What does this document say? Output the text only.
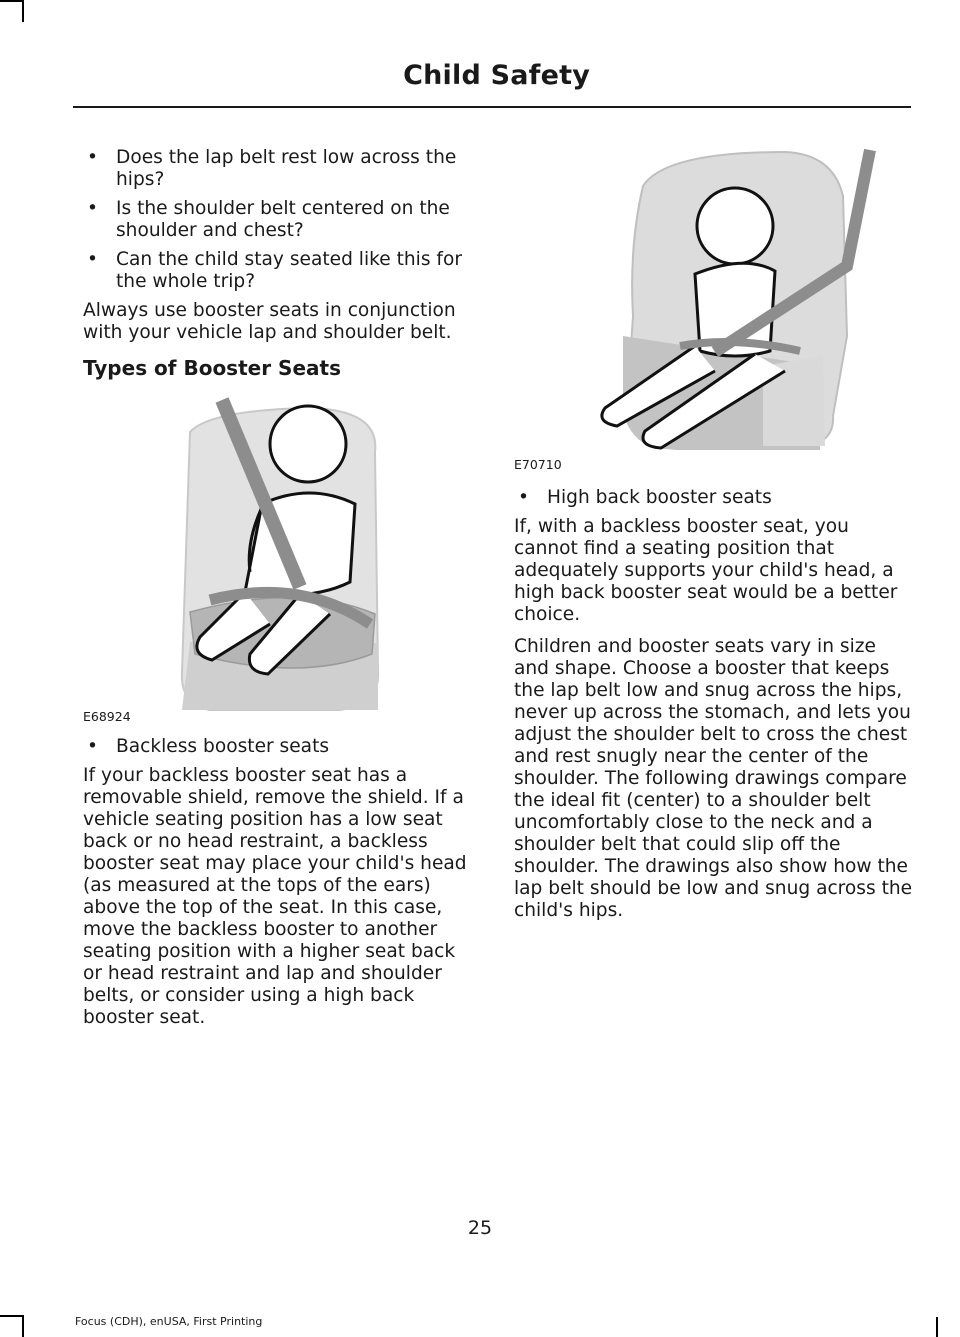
Child Safety
• Does the lap belt rest low across the hips?
• Is the shoulder belt centered on the shoulder and chest?
• Can the child stay seated like this for the whole trip?

Always use booster seats in conjunction with your vehicle lap and shoulder belt.

Types of Booster Seats
E68924
• Backless booster seats

If your backless booster seat has a removable shield, remove the shield. If a vehicle seating position has a low seat back or no head restraint, a backless booster seat may place your child's head (as measured at the tops of the ears) above the top of the seat. In this case, move the backless booster to another seating position with a higher seat back or head restraint and lap and shoulder belts, or consider using a high back booster seat.

E70710
• High back booster seats

If, with a backless booster seat, you cannot find a seating position that adequately supports your child's head, a high back booster seat would be a better choice.

Children and booster seats vary in size and shape. Choose a booster that keeps the lap belt low and snug across the hips, never up across the stomach, and lets you adjust the shoulder belt to cross the chest and rest snugly near the center of the shoulder. The following drawings compare the ideal fit (center) to a shoulder belt uncomfortably close to the neck and a shoulder belt that could slip off the shoulder. The drawings also show how the lap belt should be low and snug across the child's hips.

25
Focus (CDH), enUSA, First Printing
